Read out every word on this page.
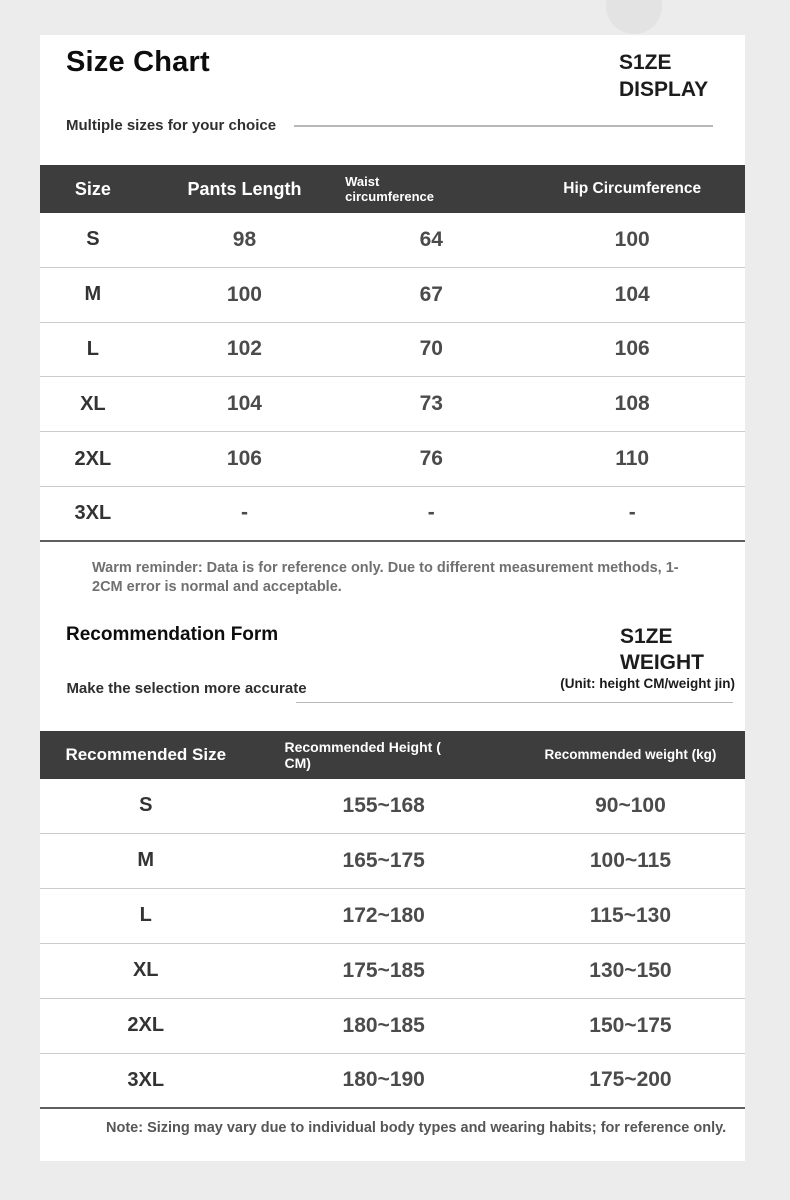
Size Chart	S1ZE
DISPLAY
Multiple sizes for your choice
Size	Pants Length	Waist circumference	Hip Circumference
S	98	64	100
M	100	67	104
L	102	70	106
XL	104	73	108
2XL	106	76	110
3XL	-	-	-
Warm reminder: Data is for reference only. Due to different measurement methods, 1-2CM error is normal and acceptable.
Recommendation Form	S1ZE
WEIGHT
(Unit: height CM/weight jin)
Make the selection more accurate
Recommended Size	Recommended Height ( CM)	Recommended weight (kg)
S	155~168	90~100
M	165~175	100~115
L	172~180	115~130
XL	175~185	130~150
2XL	180~185	150~175
3XL	180~190	175~200
Note: Sizing may vary due to individual body types and wearing habits; for reference only.
